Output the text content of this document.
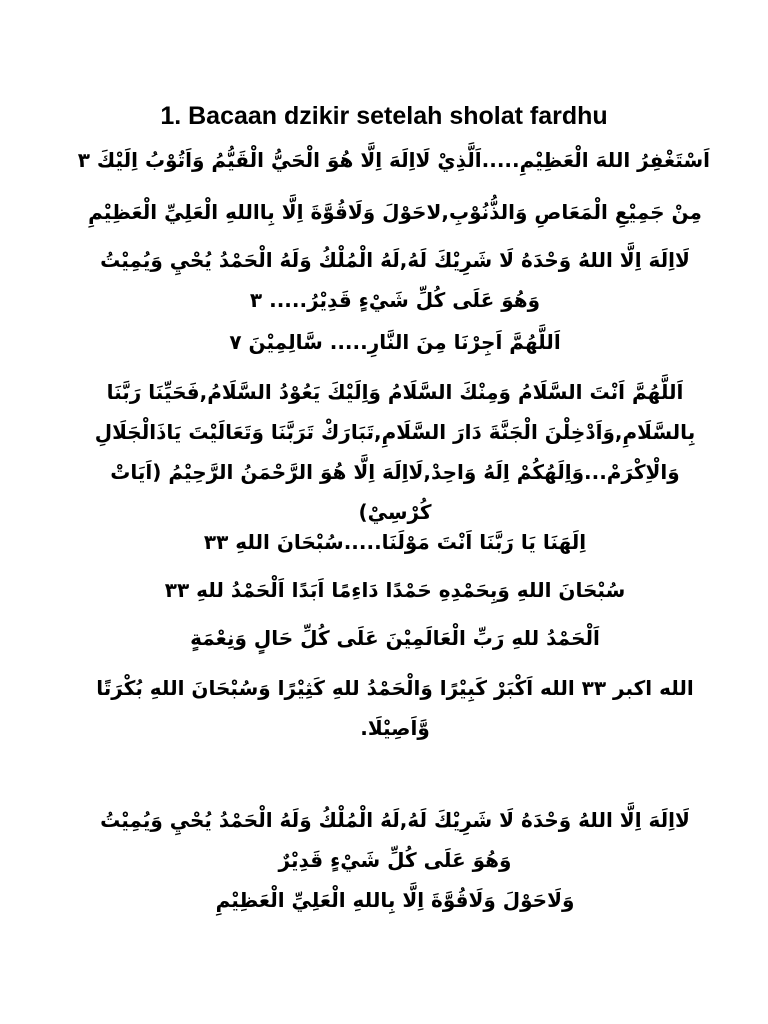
1. Bacaan dzikir setelah sholat fardhu
اَسْتَغْفِرُ اللهَ الْعَظِيْمِ.....اَلَّذِيْ لَااِلَهَ اِلَّا هُوَ الْحَيُّ الْقَيُّمُ وَاَتُوْبُ اِلَيْكَ ٣
مِنْ جَمِيْعِ الْمَعَاصِ وَالذُّنُوْبِ,لاحَوْلَ وَلَاقُوَّةَ اِلَّا بِااللهِ الْعَلِيِّ الْعَظِيْمِ
لَااِلَهَ اِلَّا اللهُ وَحْدَهُ لَا شَرِيْكَ لَهُ,لَهُ الْمُلْكُ وَلَهُ الْحَمْدُ يُحْيِ وَيُمِيْتُ وَهُوَ عَلَى كُلِّ شَيْءٍ قَدِيْرُ..... ٣
اَللَّهُمَّ اَجِرْنَا مِنَ النَّارِ..... سَّالِمِيْنَ ٧
اَللَّهُمَّ اَنْتَ السَّلَامُ وَمِنْكَ السَّلَامُ وَاِلَيْكَ يَعُوْدُ السَّلَامُ,فَحَيِّنَا رَبَّنَا بِالسَّلَامِ,وَاَدْخِلْنَ الْجَنَّةَ دَارَ السَّلَامِ,تَبَارَكْ تَرَبَّنَا وَتَعَالَيْتَ يَاذَالْجَلَالِ وَالْاِكْرَمْ...وَاِلَهُكُمْ اِلَهُ وَاحِدْ,لَااِلَهَ اِلَّا هُوَ الرَّحْمَنُ الرَّحِيْمُ (اَيَاتْ كُرْسِيْ)
اِلَهَنَا يَا رَبَّنَا اَنْتَ مَوْلَنَا.....سُبْحَانَ اللهِ ٣٣
سُبْحَانَ اللهِ وَبِحَمْدِهِ حَمْدًا دَاءِمًا اَبَدًا اَلْحَمْدُ للهِ ٣٣
اَلْحَمْدُ للهِ رَبِّ الْعَالَمِيْنَ عَلَى كُلِّ حَالٍ وَنِعْمَةٍ
الله اكبر ٣٣ الله اَكْبَرْ كَبِيْرًا وَالْحَمْدُ للهِ كَثِيْرًا وَسُبْحَانَ اللهِ بُكْرَتًا وَّاَصِيْلَا.
لَااِلَهَ اِلَّا اللهُ وَحْدَهُ لَا شَرِيْكَ لَهُ,لَهُ الْمُلْكُ وَلَهُ الْحَمْدُ يُحْيِ وَيُمِيْتُ وَهُوَ عَلَى كُلِّ شَيْءٍ قَدِيْرٌ
وَلَاحَوْلَ وَلَاقُوَّةَ اِلَّا بِاللهِ الْعَلِيِّ الْعَظِيْمِ
